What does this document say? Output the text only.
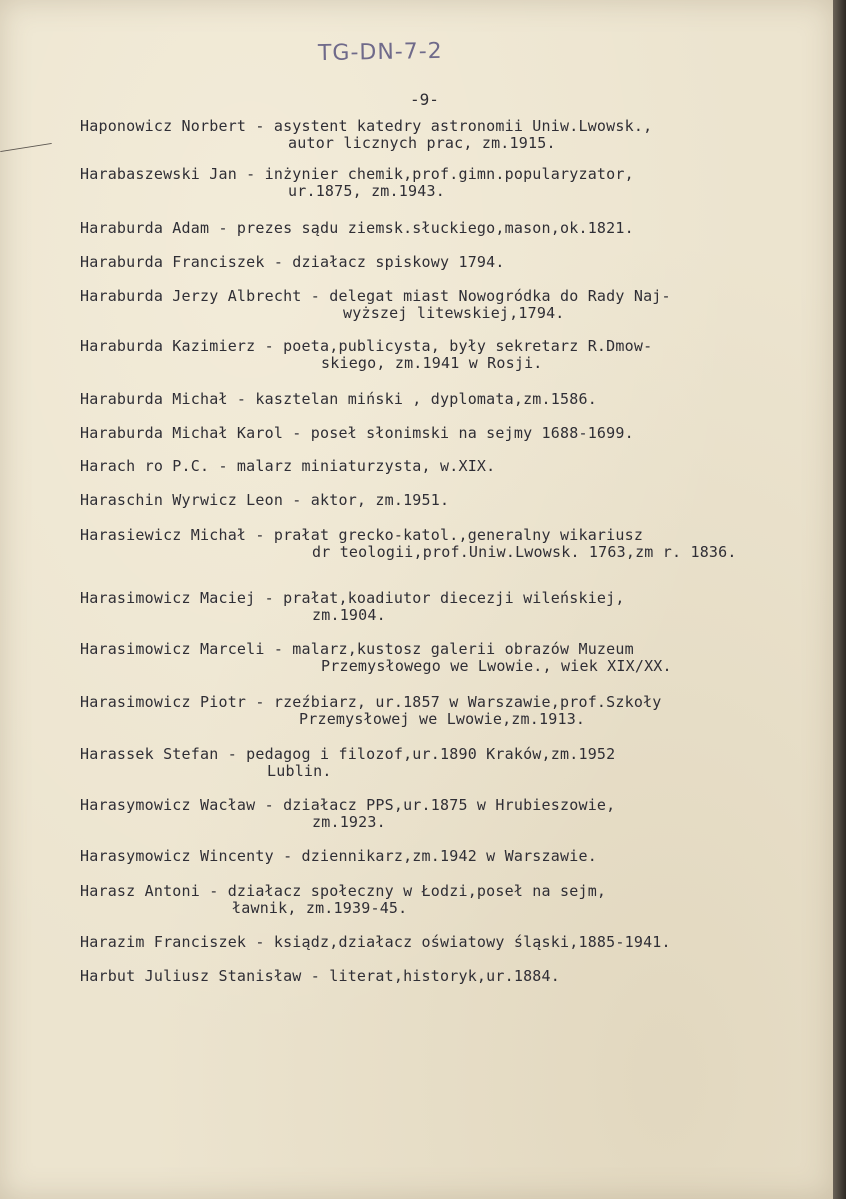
TG-DN-7-2
-9-
Haponowicz Norbert - asystent katedry astronomii Uniw.Lwowsk.,
autor licznych prac, zm.1915.
Harabaszewski Jan - inżynier chemik,prof.gimn.popularyzator,
ur.1875, zm.1943.
Haraburda Adam - prezes sądu ziemsk.słuckiego,mason,ok.1821.
Haraburda Franciszek - działacz spiskowy 1794.
Haraburda Jerzy Albrecht - delegat miast Nowogródka do Rady Naj-
wyższej litewskiej,1794.
Haraburda Kazimierz - poeta,publicysta, były sekretarz R.Dmow-
skiego, zm.1941 w Rosji.
Haraburda Michał - kasztelan miński , dyplomata,zm.1586.
Haraburda Michał Karol - poseł słonimski na sejmy 1688-1699.
Harach ro P.C. - malarz miniaturzysta, w.XIX.
Haraschin Wyrwicz Leon - aktor, zm.1951.
Harasiewicz Michał - prałat grecko-katol.,generalny wikariusz
dr teologii,prof.Uniw.Lwowsk. 1763,zm r. 1836.
Harasimowicz Maciej - prałat,koadiutor diecezji wileńskiej,
zm.1904.
Harasimowicz Marceli - malarz,kustosz galerii obrazów Muzeum
Przemysłowego we Lwowie., wiek XIX/XX.
Harasimowicz Piotr - rzeźbiarz, ur.1857 w Warszawie,prof.Szkoły
Przemysłowej we Lwowie,zm.1913.
Harassek Stefan - pedagog i filozof,ur.1890 Kraków,zm.1952
Lublin.
Harasymowicz Wacław - działacz PPS,ur.1875 w Hrubieszowie,
zm.1923.
Harasymowicz Wincenty - dziennikarz,zm.1942 w Warszawie.
Harasz Antoni - działacz społeczny w Łodzi,poseł na sejm,
ławnik, zm.1939-45.
Harazim Franciszek - ksiądz,działacz oświatowy śląski,1885-1941.
Harbut Juliusz Stanisław - literat,historyk,ur.1884.
